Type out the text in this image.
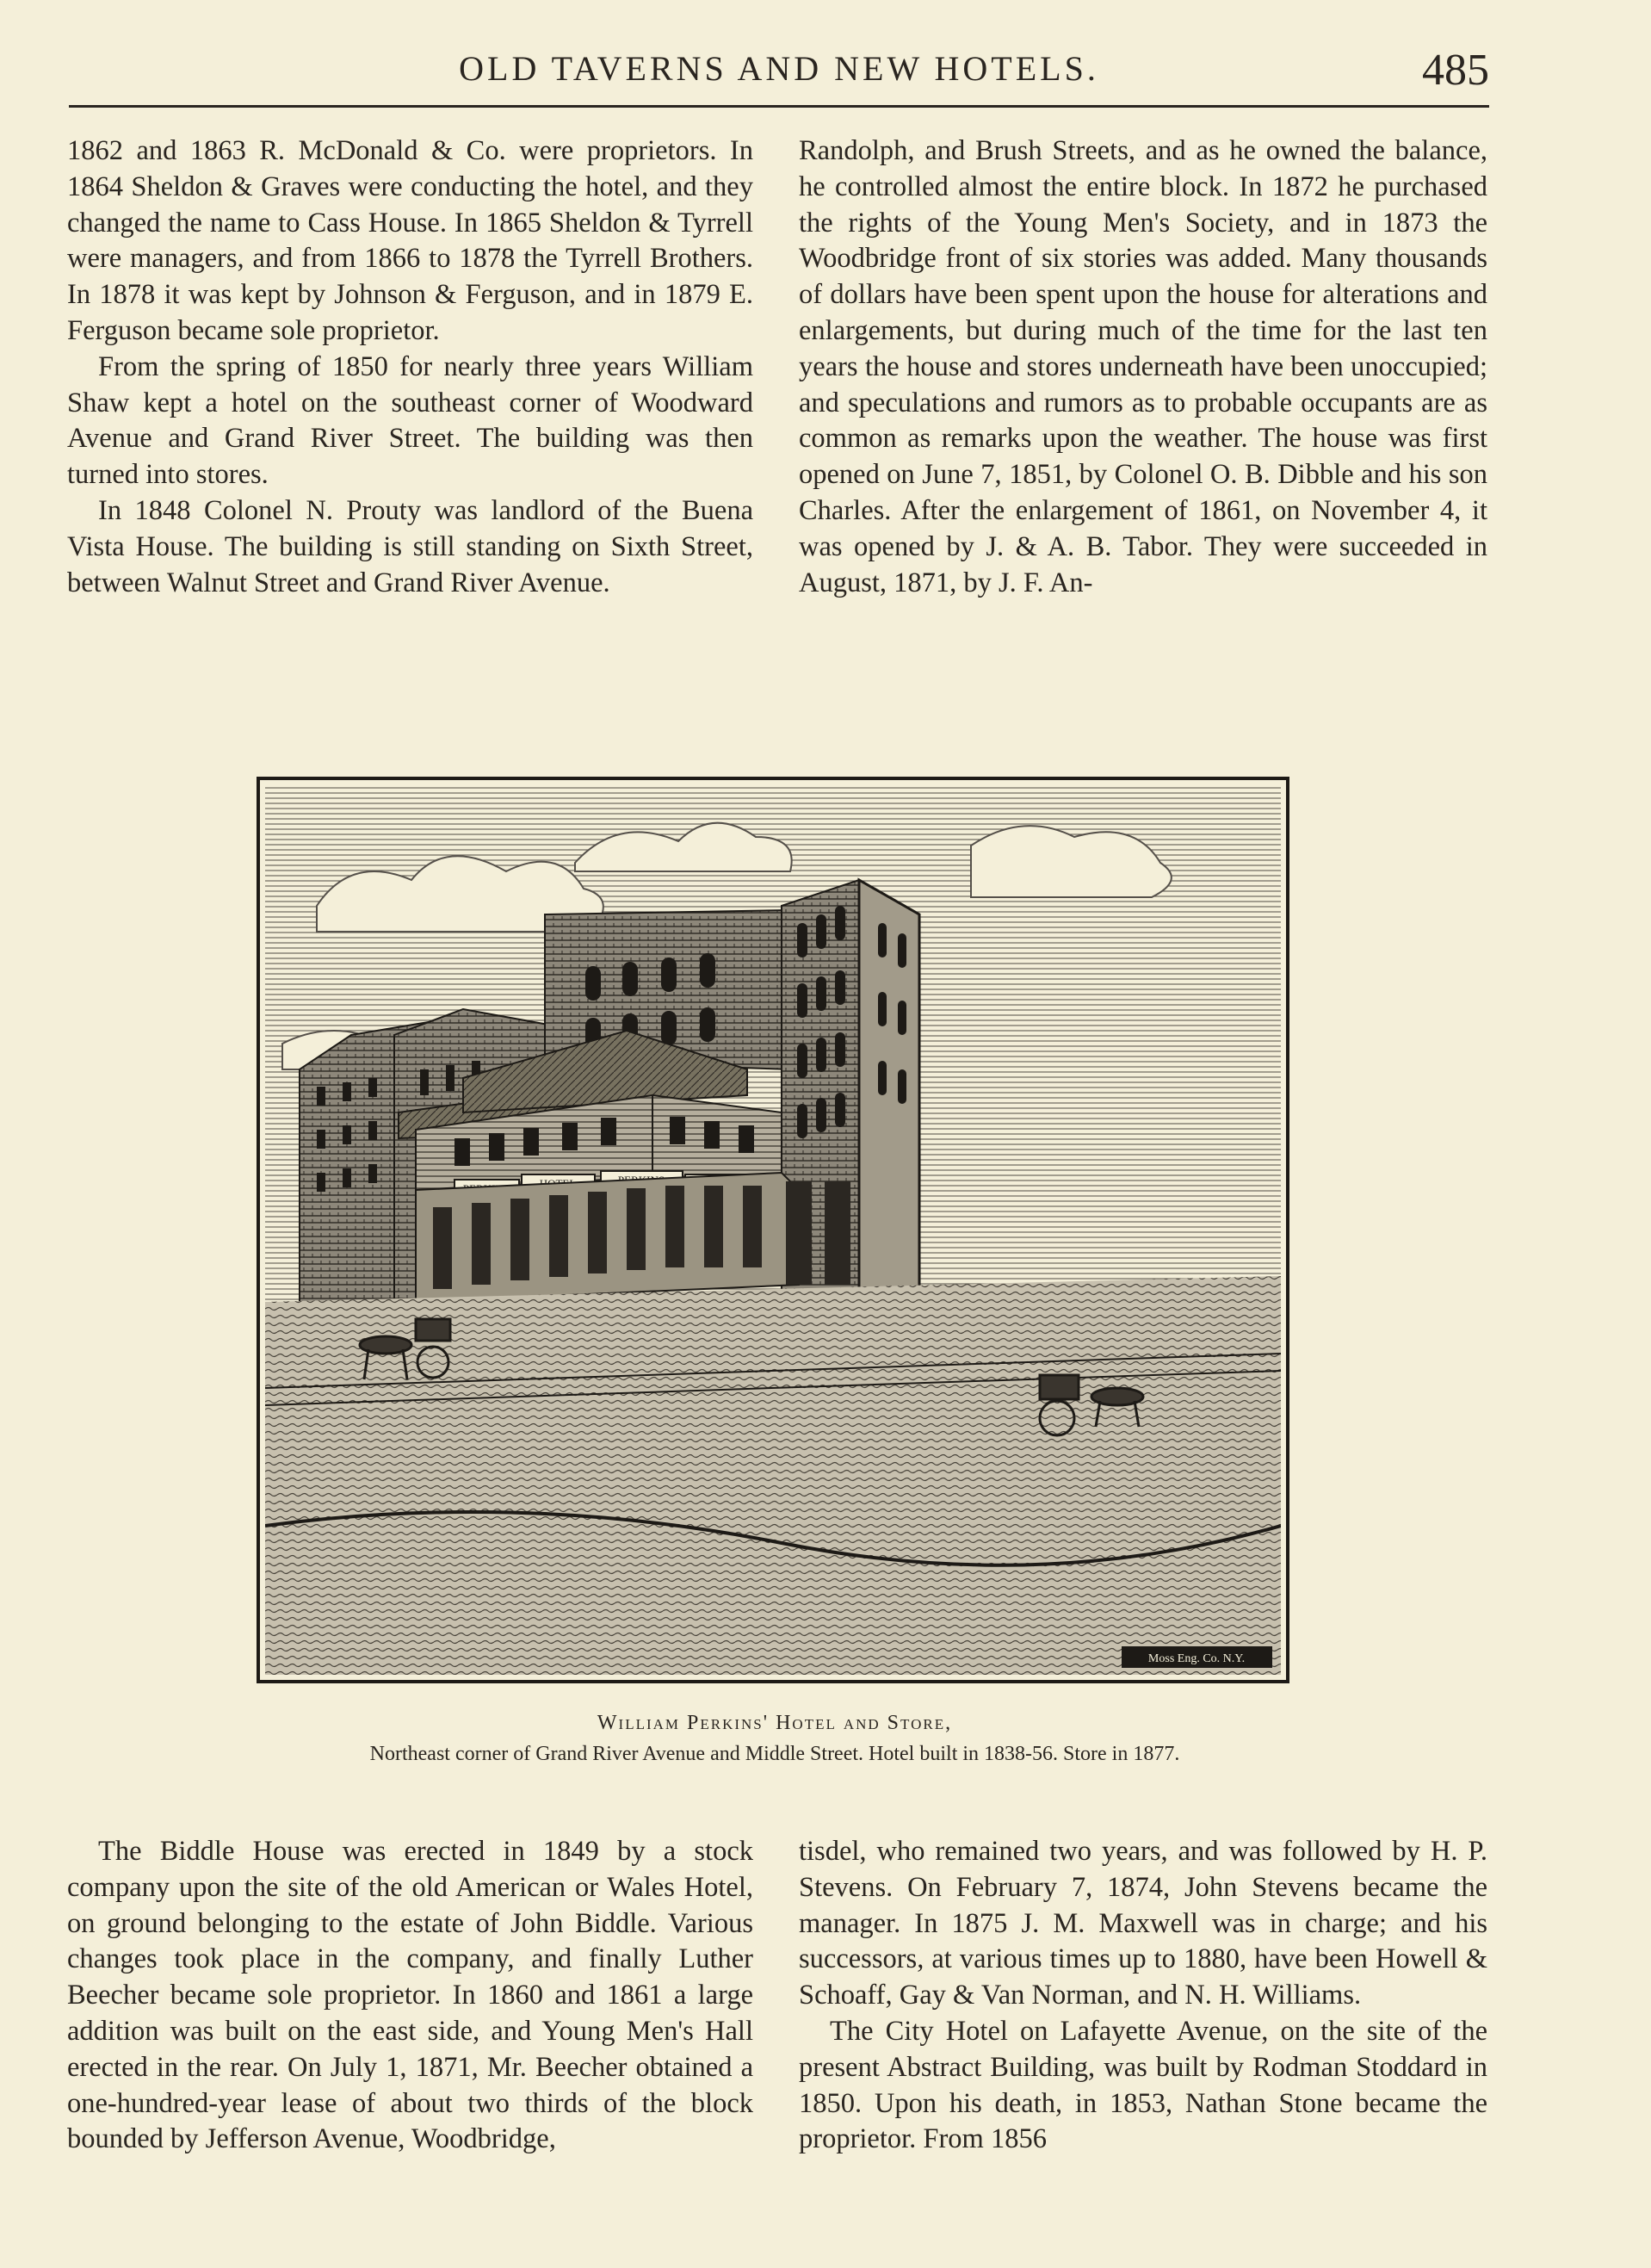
OLD TAVERNS AND NEW HOTELS.	485

1862 and 1863 R. McDonald & Co. were proprietors. In 1864 Sheldon & Graves were conducting the hotel, and they changed the name to Cass House. In 1865 Sheldon & Tyrrell were managers, and from 1866 to 1878 the Tyrrell Brothers. In 1878 it was kept by Johnson & Ferguson, and in 1879 E. Ferguson became sole proprietor.

From the spring of 1850 for nearly three years William Shaw kept a hotel on the southeast corner of Woodward Avenue and Grand River Street. The building was then turned into stores.

In 1848 Colonel N. Prouty was landlord of the Buena Vista House. The building is still standing on Sixth Street, between Walnut Street and Grand River Avenue.

Randolph, and Brush Streets, and as he owned the balance, he controlled almost the entire block. In 1872 he purchased the rights of the Young Men's Society, and in 1873 the Woodbridge front of six stories was added. Many thousands of dollars have been spent upon the house for alterations and enlargements, but during much of the time for the last ten years the house and stores underneath have been unoccupied; and speculations and rumors as to probable occupants are as common as remarks upon the weather. The house was first opened on June 7, 1851, by Colonel O. B. Dibble and his son Charles. After the enlargement of 1861, on November 4, it was opened by J. & A. B. Tabor. They were succeeded in August, 1871, by J. F. An-

Moss Eng. Co. N.Y.
William Perkins' Hotel and Store,
Northeast corner of Grand River Avenue and Middle Street. Hotel built in 1838-56. Store in 1877.

The Biddle House was erected in 1849 by a stock company upon the site of the old American or Wales Hotel, on ground belonging to the estate of John Biddle. Various changes took place in the company, and finally Luther Beecher became sole proprietor. In 1860 and 1861 a large addition was built on the east side, and Young Men's Hall erected in the rear. On July 1, 1871, Mr. Beecher obtained a one-hundred-year lease of about two thirds of the block bounded by Jefferson Avenue, Woodbridge,

tisdel, who remained two years, and was followed by H. P. Stevens. On February 7, 1874, John Stevens became the manager. In 1875 J. M. Maxwell was in charge; and his successors, at various times up to 1880, have been Howell & Schoaff, Gay & Van Norman, and N. H. Williams.

The City Hotel on Lafayette Avenue, on the site of the present Abstract Building, was built by Rodman Stoddard in 1850. Upon his death, in 1853, Nathan Stone became the proprietor. From 1856
